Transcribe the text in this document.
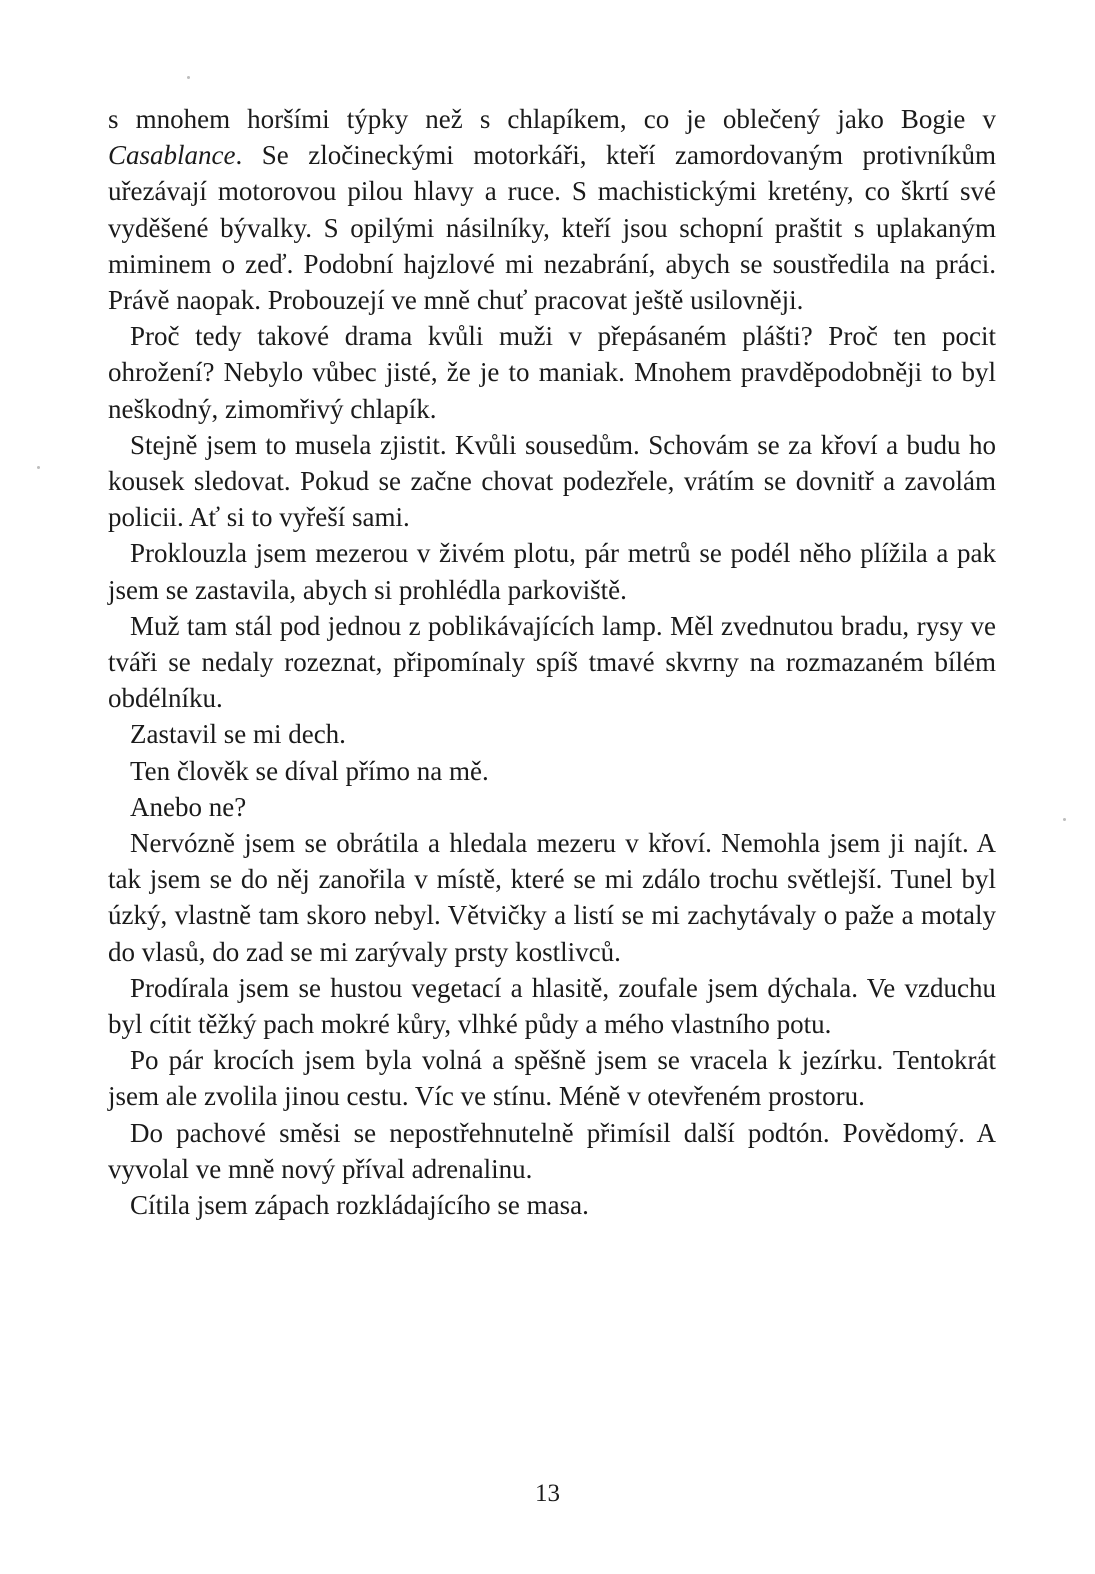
s mnohem horšími týpky než s chlapíkem, co je oblečený jako Bogie v Casablance. Se zločineckými motorkáři, kteří zamordovaným protivníkům uřezávají motorovou pilou hlavy a ruce. S machistickými kretény, co škrtí své vyděšené bývalky. S opilými násilníky, kteří jsou schopní praštit s uplakaným miminem o zeď. Podobní hajzlové mi nezabrání, abych se soustředila na práci. Právě naopak. Probouzejí ve mně chuť pracovat ještě usilovněji.

Proč tedy takové drama kvůli muži v přepásaném plášti? Proč ten pocit ohrožení? Nebylo vůbec jisté, že je to maniak. Mnohem pravděpodobněji to byl neškodný, zimomřivý chlapík.

Stejně jsem to musela zjistit. Kvůli sousedům. Schovám se za křoví a budu ho kousek sledovat. Pokud se začne chovat podezřele, vrátím se dovnitř a zavolám policii. Ať si to vyřeší sami.

Proklouzla jsem mezerou v živém plotu, pár metrů se podél něho plížila a pak jsem se zastavila, abych si prohlédla parkoviště.

Muž tam stál pod jednou z poblikávajících lamp. Měl zvednutou bradu, rysy ve tváři se nedaly rozeznat, připomínaly spíš tmavé skvrny na rozmazaném bílém obdélníku.

Zastavil se mi dech.

Ten člověk se díval přímo na mě.

Anebo ne?

Nervózně jsem se obrátila a hledala mezeru v křoví. Nemohla jsem ji najít. A tak jsem se do něj zanořila v místě, které se mi zdálo trochu světlejší. Tunel byl úzký, vlastně tam skoro nebyl. Větvičky a listí se mi zachytávaly o paže a motaly do vlasů, do zad se mi zarývaly prsty kostlivců.

Prodírala jsem se hustou vegetací a hlasitě, zoufale jsem dýchala. Ve vzduchu byl cítit těžký pach mokré kůry, vlhké půdy a mého vlastního potu.

Po pár krocích jsem byla volná a spěšně jsem se vracela k jezírku. Tentokrát jsem ale zvolila jinou cestu. Víc ve stínu. Méně v otevřeném prostoru.

Do pachové směsi se nepostřehnutelně přimísil další podtón. Povědomý. A vyvolal ve mně nový příval adrenalinu.

Cítila jsem zápach rozkládajícího se masa.

13
